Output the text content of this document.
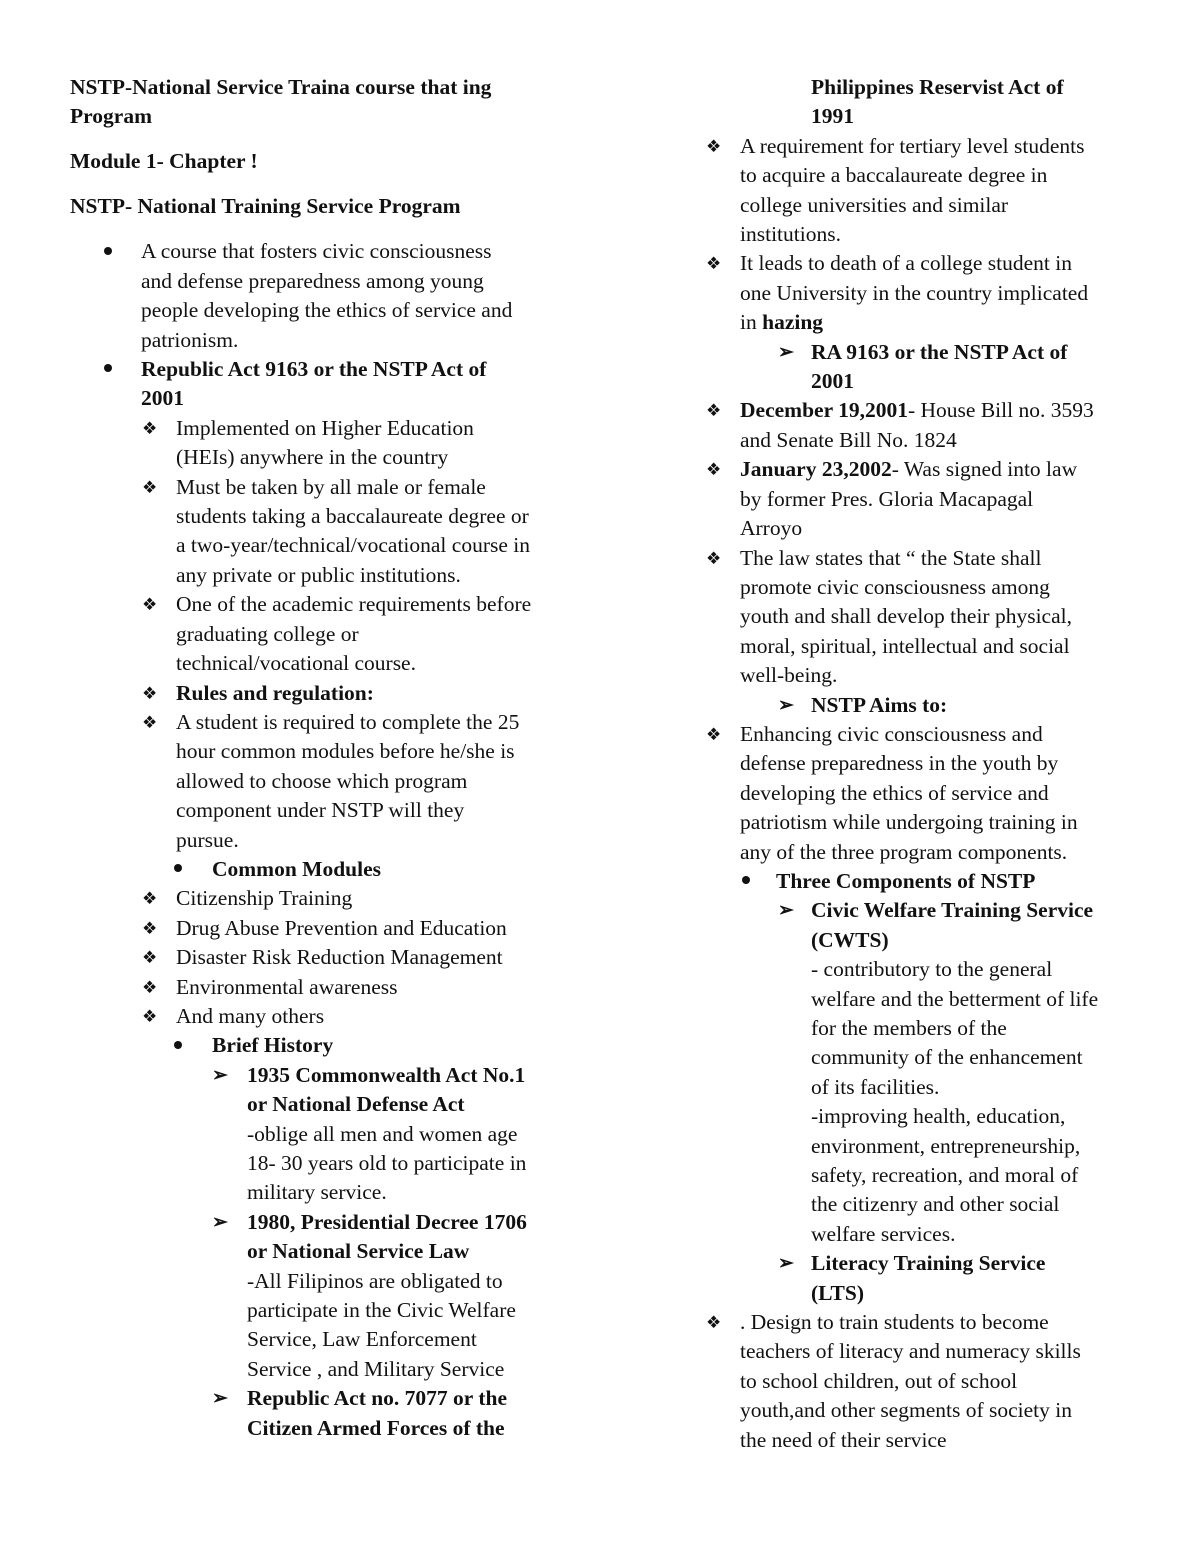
NSTP-National Service Traina course that ing
Program
Module 1- Chapter !
NSTP- National Training Service Program
A course that fosters civic consciousness
and defense preparedness among young
people developing the ethics of service and
patrionism.
Republic Act 9163 or the NSTP Act of
2001
❖ Implemented on Higher Education
(HEIs) anywhere in the country
❖ Must be taken by all male or female
students taking a baccalaureate degree or
a two-year/technical/vocational course in
any private or public institutions.
❖ One of the academic requirements before
graduating college or
technical/vocational course.
❖ Rules and regulation:
❖ A student is required to complete the 25
hour common modules before he/she is
allowed to choose which program
component under NSTP will they
pursue.
Common Modules
❖ Citizenship Training
❖ Drug Abuse Prevention and Education
❖ Disaster Risk Reduction Management
❖ Environmental awareness
❖ And many others
Brief History
➢ 1935 Commonwealth Act No.1
or National Defense Act
-oblige all men and women age
18- 30 years old to participate in
military service.
➢ 1980, Presidential Decree 1706
or National Service Law
-All Filipinos are obligated to
participate in the Civic Welfare
Service, Law Enforcement
Service , and Military Service
➢ Republic Act no. 7077 or the
Citizen Armed Forces of the
Philippines Reservist Act of
1991
❖ A requirement for tertiary level students
to acquire a baccalaureate degree in
college universities and similar
institutions.
❖ It leads to death of a college student in
one University in the country implicated
in hazing
➢ RA 9163 or the NSTP Act of
2001
❖ December 19,2001- House Bill no. 3593
and Senate Bill No. 1824
❖ January 23,2002- Was signed into law
by former Pres. Gloria Macapagal
Arroyo
❖ The law states that “ the State shall
promote civic consciousness among
youth and shall develop their physical,
moral, spiritual, intellectual and social
well-being.
➢ NSTP Aims to:
❖ Enhancing civic consciousness and
defense preparedness in the youth by
developing the ethics of service and
patriotism while undergoing training in
any of the three program components.
Three Components of NSTP
➢ Civic Welfare Training Service
(CWTS)
- contributory to the general
welfare and the betterment of life
for the members of the
community of the enhancement
of its facilities.
-improving health, education,
environment, entrepreneurship,
safety, recreation, and moral of
the citizenry and other social
welfare services.
➢ Literacy Training Service
(LTS)
❖ . Design to train students to become
teachers of literacy and numeracy skills
to school children, out of school
youth,and other segments of society in
the need of their service
